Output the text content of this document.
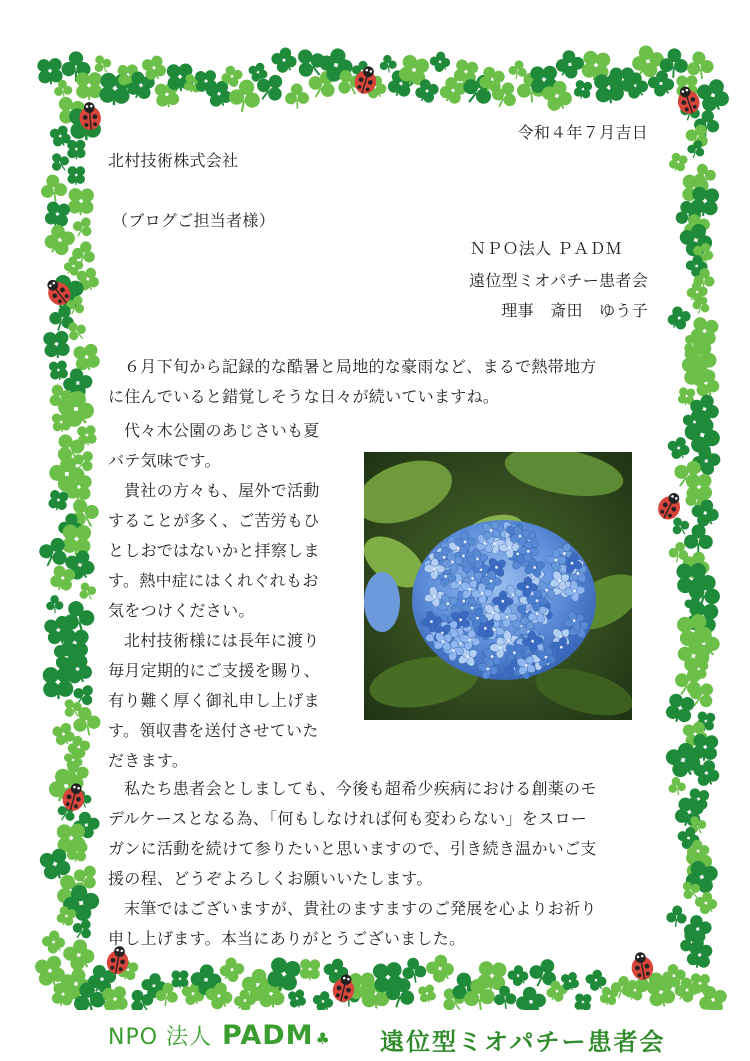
令和４年７月吉日
北村技術株式会社
（ブログご担当者様）
ＮＰＯ法人 ＰＡＤＭ
遠位型ミオパチー患者会
理事　斎田　ゆう子
６月下旬から記録的な酷暑と局地的な豪雨など、まるで熱帯地方
に住んでいると錯覚しそうな日々が続いていますね。
代々木公園のあじさいも夏
バテ気味です。
貴社の方々も、屋外で活動
することが多く、ご苦労もひ
としおではないかと拝察しま
す。熱中症にはくれぐれもお
気をつけください。
北村技術様には長年に渡り
毎月定期的にご支援を賜り、
有り難く厚く御礼申し上げま
す。領収書を送付させていた
だきます。
私たち患者会としましても、今後も超希少疾病における創薬のモ
デルケースとなる為、「何もしなければ何も変わらない」をスロー
ガンに活動を続けて参りたいと思いますので、引き続き温かいご支
援の程、どうぞよろしくお願いいたします。
末筆ではございますが、貴社のますますのご発展を心よりお祈り
申し上げます。本当にありがとうございました。
NPO 法人 PADM ♣ 遠位型ミオパチー患者会
